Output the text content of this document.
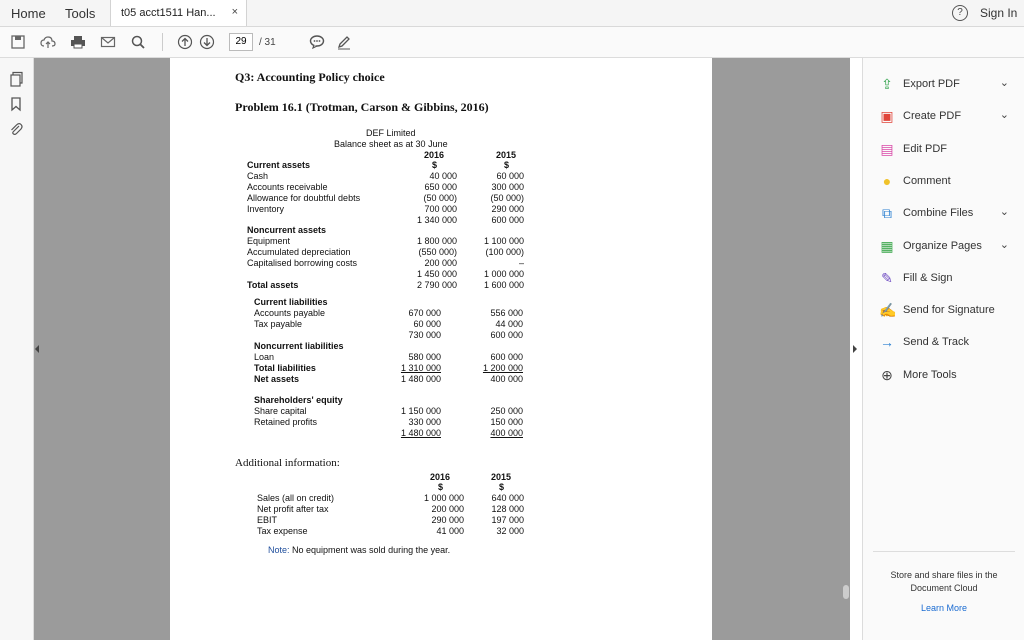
Home Tools t05 acct1511 Han... ×	?	Sign In
29
/ 31
Q3: Accounting Policy choice
Problem 16.1 (Trotman, Carson & Gibbins, 2016)
DEF Limited
Balance sheet as at 30 June
2016	2015
$	$
Current assets
Cash	40 000	60 000
Accounts receivable	650 000	300 000
Allowance for doubtful debts	(50 000)	(50 000)
Inventory	700 000	290 000
1 340 000	600 000
Noncurrent assets
Equipment	1 800 000	1 100 000
Accumulated depreciation	(550 000)	(100 000)
Capitalised borrowing costs	200 000	–
1 450 000	1 000 000
Total assets	2 790 000	1 600 000
Current liabilities
Accounts payable	670 000	556 000
Tax payable	60 000	44 000
730 000	600 000
Noncurrent liabilities
Loan	580 000	600 000
Total liabilities	1 310 000	1 200 000
Net assets	1 480 000	400 000
Shareholders' equity
Share capital	1 150 000	250 000
Retained profits	330 000	150 000
1 480 000	400 000
Additional information:
2016	2015
$	$
Sales (all on credit)	1 000 000	640 000
Net profit after tax	200 000	128 000
EBIT	290 000	197 000
Tax expense	41 000	32 000
Note: No equipment was sold during the year.
⇪ Export PDF	⌄
▣ Create PDF	⌄
▤ Edit PDF
●	Comment
⧉ Combine Files ⌄
▦ Organize Pages ⌄
✎ Fill & Sign
✍ Send for Signature
→ Send & Track
⊕ More Tools
Store and share files in the
Document Cloud
Learn More
